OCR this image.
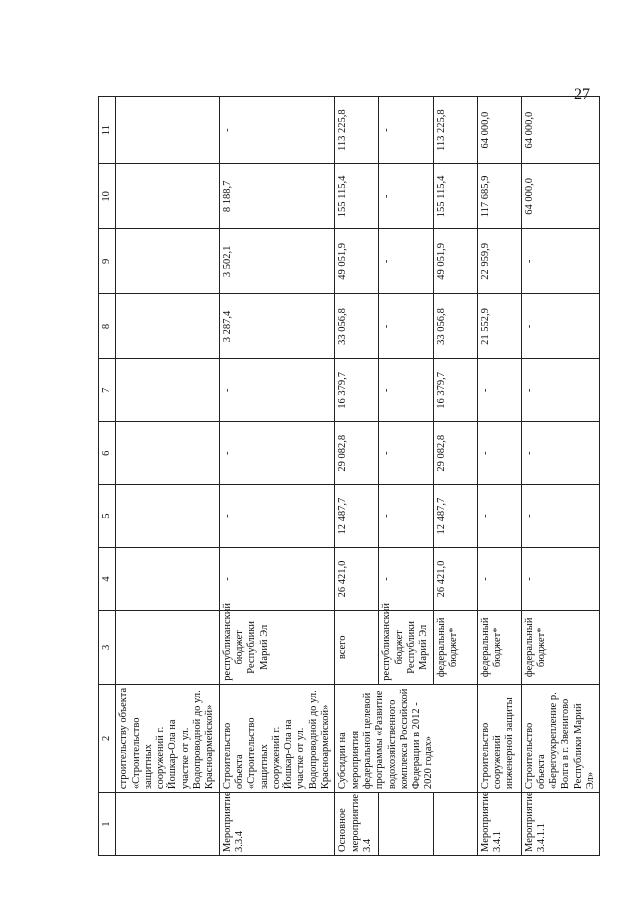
27
1	2	3	4	5	6	7	8	9	10	11
	строительству объекта «Строительство защитных сооружений г. Йошкар-Ола на участке от ул. Водопроводной до ул. Красноармейской»									
Мероприятие 3.3.4	Строительство объекта «Строительство защитных сооружений г. Йошкар-Ола на участке от ул. Водопроводной до ул. Красноармейской»	республиканский бюджет Республики Марий Эл	-	-	-	-	3 287,4	3 502,1	8 188,7	-
Основное мероприятие 3.4	Субсидии на мероприятия федеральной целевой программы «Развитие водохозяйственного комплекса Российской Федерации в 2012 - 2020 годах»	всего	26 421,0	12 487,7	29 082,8	16 379,7	33 056,8	49 051,9	155 115,4	113 225,8
		республиканский бюджет Республики Марий Эл	-	-	-	-	-	-	-	-
		федеральный бюджет*	26 421,0	12 487,7	29 082,8	16 379,7	33 056,8	49 051,9	155 115,4	113 225,8
Мероприятие 3.4.1	Строительство сооружений инженерной защиты	федеральный бюджет*	-	-	-	-	21 552,9	22 959,9	117 685,9	64 000,0
Мероприятие 3.4.1.1	Строительство объекта «Берегоукрепление р. Волга в г. Звенигово Республики Марий Эл»	федеральный бюджет*	-	-	-	-	-	-	64 000,0	64 000,0
